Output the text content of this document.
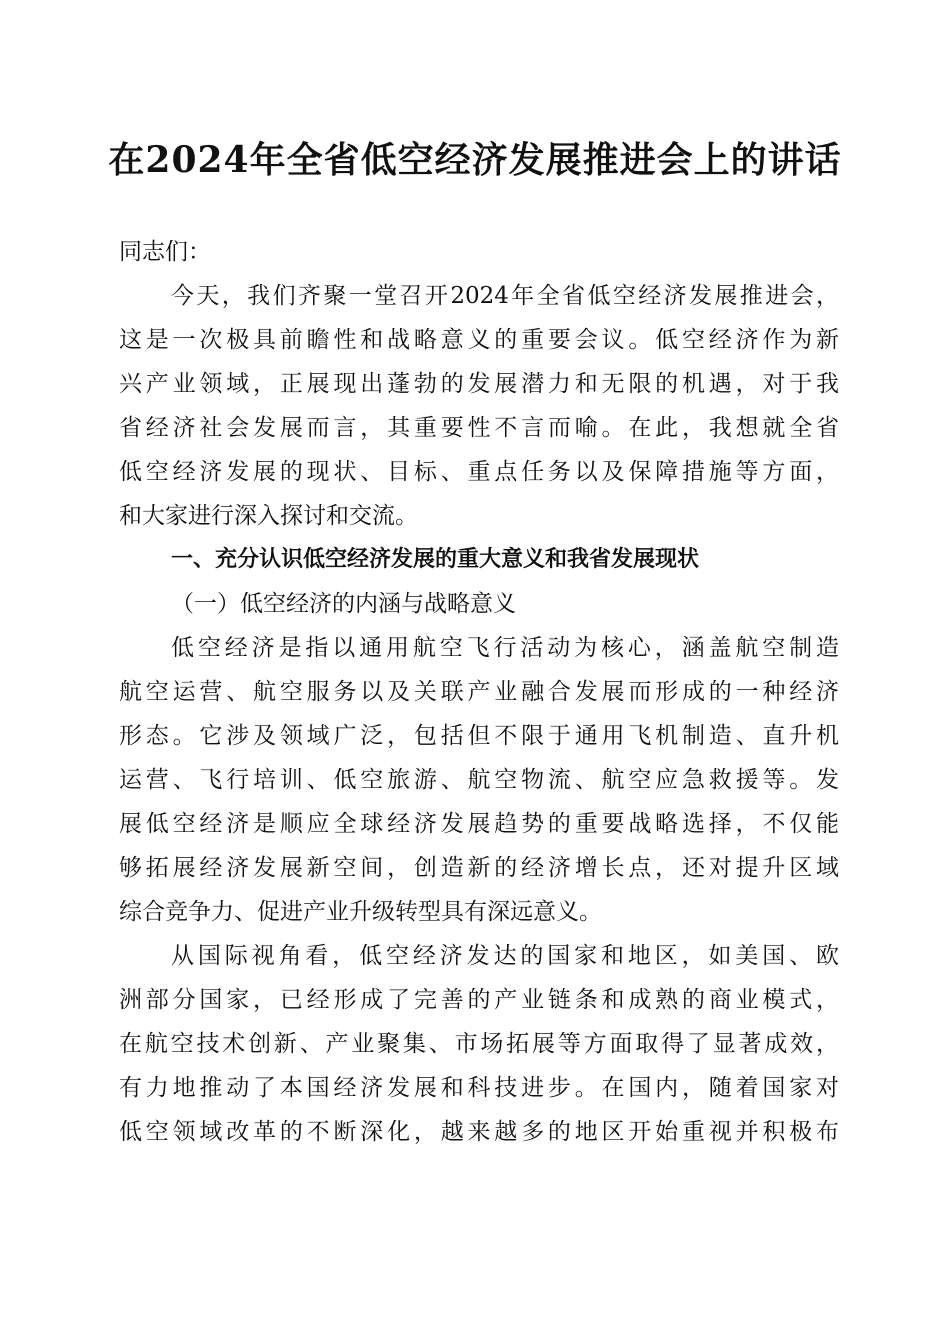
在2024年全省低空经济发展推进会上的讲话
同志们：
今天，我们齐聚一堂召开2024年全省低空经济发展推进会，
这是一次极具前瞻性和战略意义的重要会议。低空经济作为新
兴产业领域，正展现出蓬勃的发展潜力和无限的机遇，对于我
省经济社会发展而言，其重要性不言而喻。在此，我想就全省
低空经济发展的现状、目标、重点任务以及保障措施等方面，
和大家进行深入探讨和交流。
一、充分认识低空经济发展的重大意义和我省发展现状
（一）低空经济的内涵与战略意义
低空经济是指以通用航空飞行活动为核心，涵盖航空制造
航空运营、航空服务以及关联产业融合发展而形成的一种经济
形态。它涉及领域广泛，包括但不限于通用飞机制造、直升机
运营、飞行培训、低空旅游、航空物流、航空应急救援等。发
展低空经济是顺应全球经济发展趋势的重要战略选择，不仅能
够拓展经济发展新空间，创造新的经济增长点，还对提升区域
综合竞争力、促进产业升级转型具有深远意义。
从国际视角看，低空经济发达的国家和地区，如美国、欧
洲部分国家，已经形成了完善的产业链条和成熟的商业模式，
在航空技术创新、产业聚集、市场拓展等方面取得了显著成效，
有力地推动了本国经济发展和科技进步。在国内，随着国家对
低空领域改革的不断深化，越来越多的地区开始重视并积极布
